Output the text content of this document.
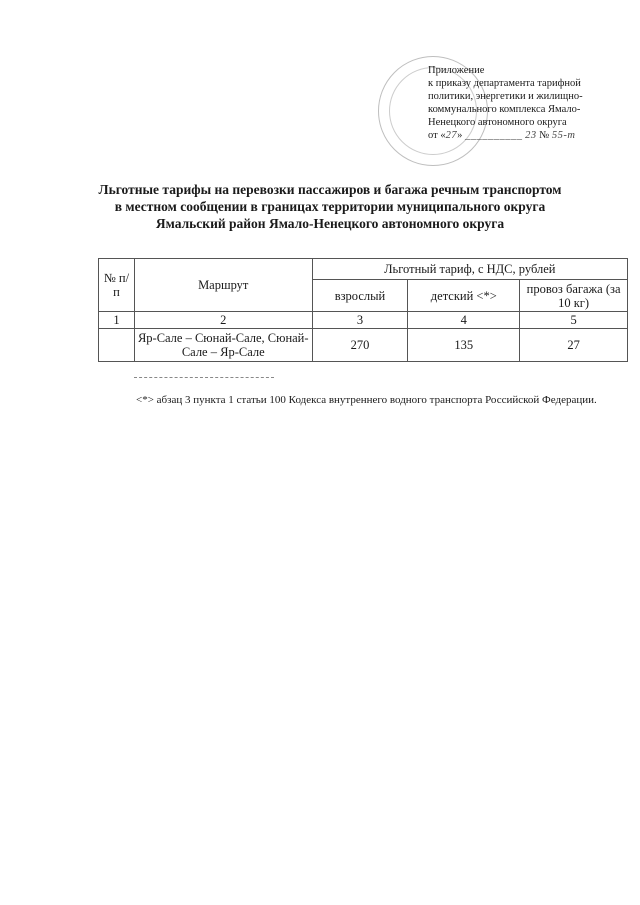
Приложение
к приказу департамента тарифной
политики, энергетики и жилищно-
коммунального комплекса Ямало-
Ненецкого автономного округа
от «27» __________ 23 № 55-т
Льготные тарифы на перевозки пассажиров и багажа речным транспортом
в местном сообщении в границах территории муниципального округа
Ямальский район Ямало-Ненецкого автономного округа
№ п/п	Маршрут	Льготный тариф, с НДС, рублей		
		взрослый	детский <*>	провоз багажа (за 10 кг)
1	2	3	4	5
	Яр-Сале – Сюнай-Сале, Сюнай-Сале – Яр-Сале	270	135	27

<*> абзац 3 пункта 1 статьи 100 Кодекса внутреннего водного транспорта Российской Федерации.
